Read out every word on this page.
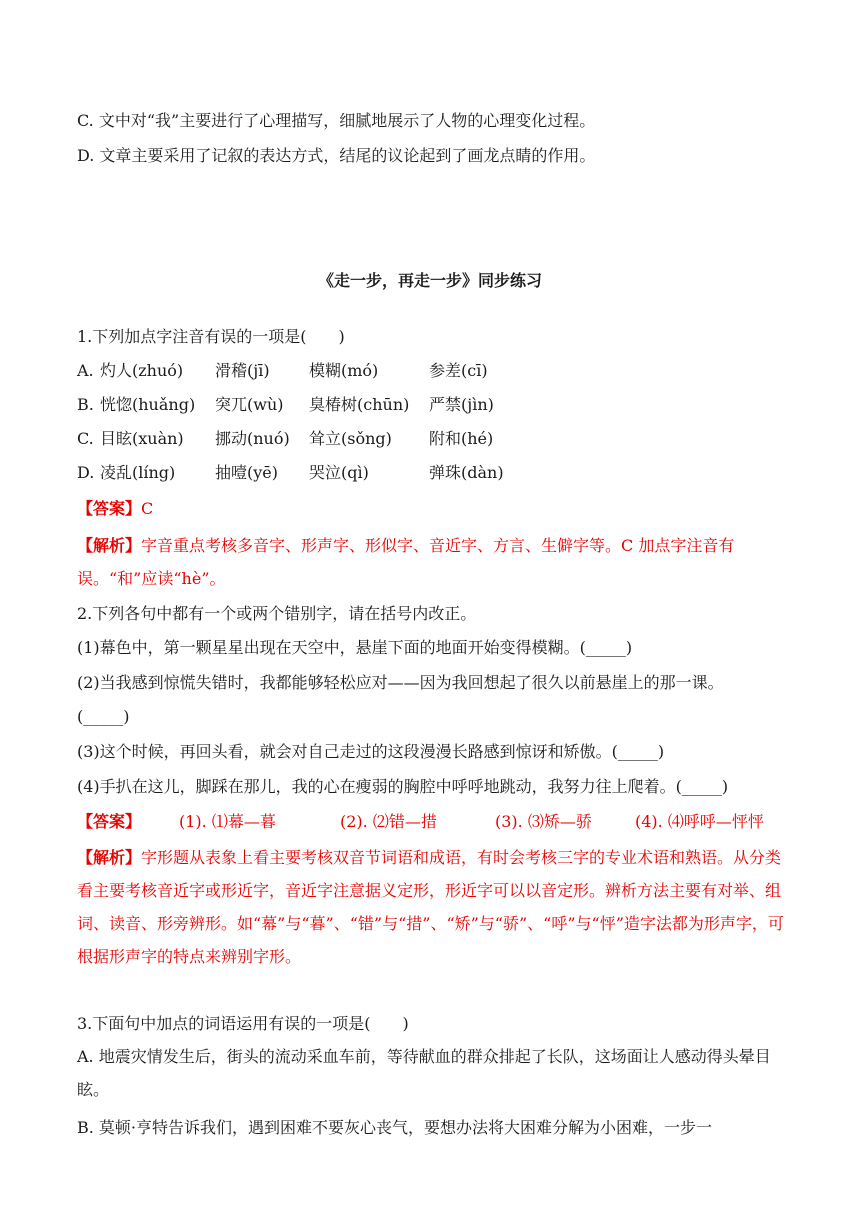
C. 文中对“我”主要进行了心理描写，细腻地展示了人物的心理变化过程。
D. 文章主要采用了记叙的表达方式，结尾的议论起到了画龙点睛的作用。
《走一步，再走一步》同步练习
1.下列加点字注音有误的一项是(　　)
A. 灼人(zhuó) 滑稽(jī) 模糊(mó)	参差(cī)
B. 恍惚(huǎng) 突兀(wù) 臭椿树(chūn) 严禁(jìn)
C. 目眩(xuàn) 挪动(nuó) 耸立(sǒng) 附和(hé)
D. 凌乱(líng) 抽噎(yē) 哭泣(qì)	弹珠(dàn)
【答案】C
【解析】字音重点考核多音字、形声字、形似字、音近字、方言、生僻字等。C 加点字注音有误。“和”应读“hè”。
2.下列各句中都有一个或两个错别字，请在括号内改正。
(1)幕色中，第一颗星星出现在天空中，悬崖下面的地面开始变得模糊。(_____)
(2)当我感到惊慌失错时，我都能够轻松应对——因为我回想起了很久以前悬崖上的那一课。
(_____)
(3)这个时候，再回头看，就会对自己走过的这段漫漫长路感到惊讶和矫傲。(_____)
(4)手扒在这儿，脚踩在那儿，我的心在瘦弱的胸腔中呼呼地跳动，我努力往上爬着。(_____)
【答案】 (1). ⑴幕—暮	(2). ⑵错—措	(3). ⑶矫—骄	(4). ⑷呼呼—怦怦
【解析】字形题从表象上看主要考核双音节词语和成语，有时会考核三字的专业术语和熟语。从分类看主要考核音近字或形近字，音近字注意据义定形，形近字可以以音定形。辨析方法主要有对举、组词、读音、形旁辨形。如“幕”与“暮”、“错”与“措”、“矫”与“骄”、“呼”与“怦”造字法都为形声字，可根据形声字的特点来辨别字形。
3.下面句中加点的词语运用有误的一项是(　　)
A. 地震灾情发生后，街头的流动采血车前，等待献血的群众排起了长队，这场面让人感动得头晕目眩。
B. 莫顿·亨特告诉我们，遇到困难不要灰心丧气，要想办法将大困难分解为小困难，一步一
